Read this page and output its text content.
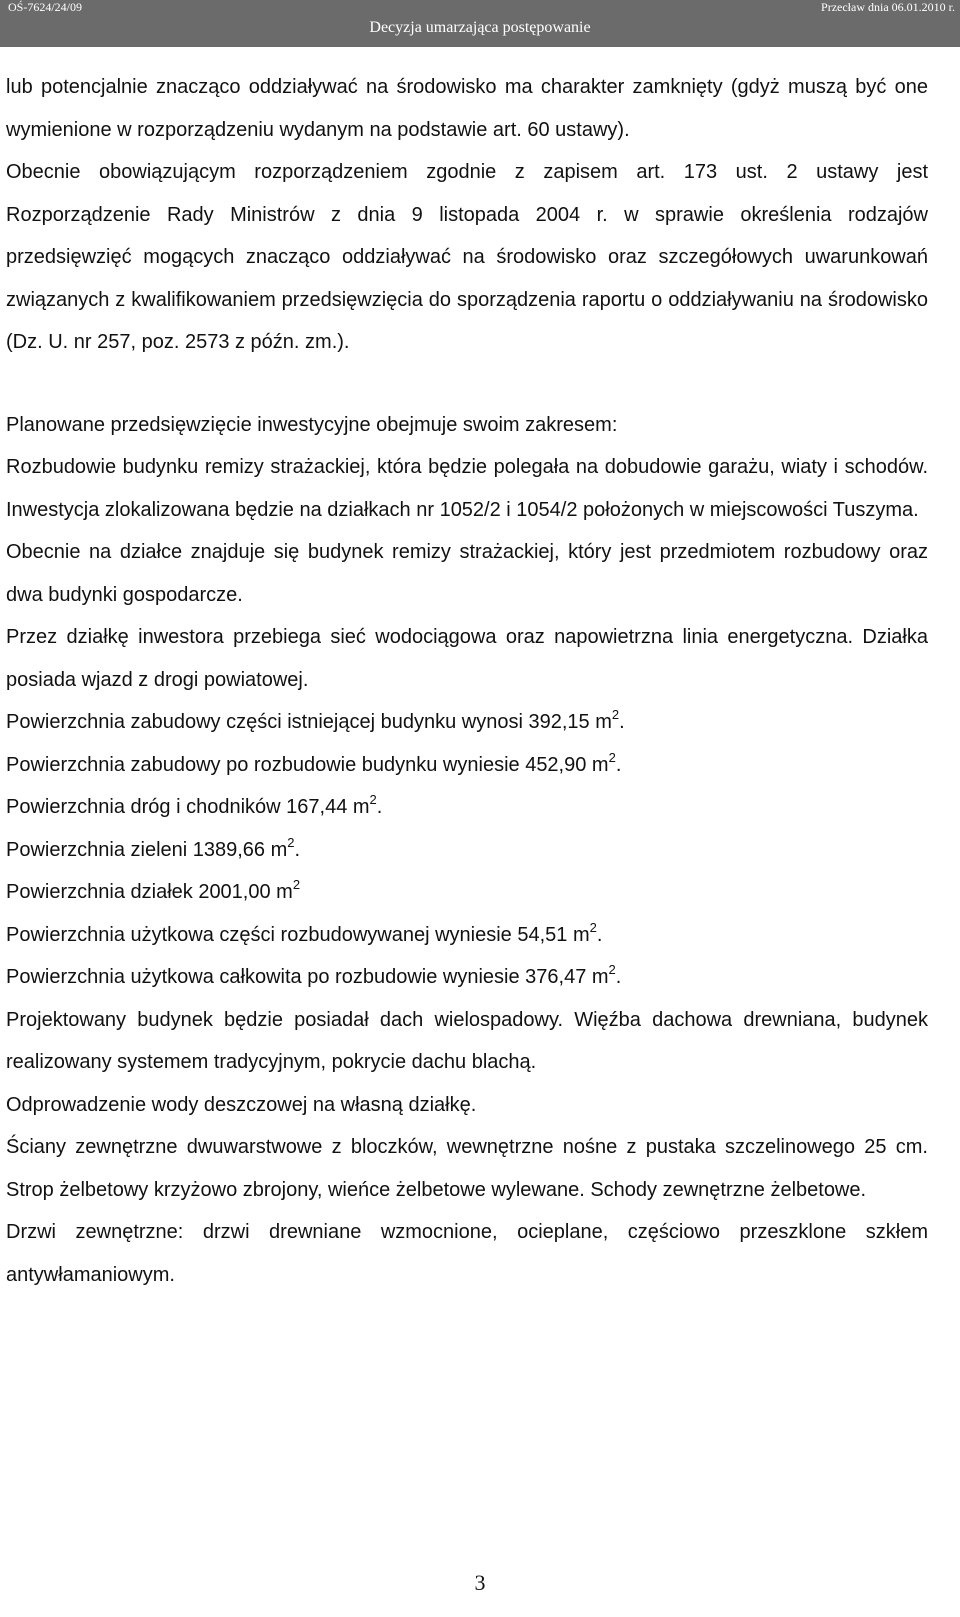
OŚ-7624/24/09	Przecław dnia 06.01.2010 r.
Decyzja umarzająca postępowanie

lub potencjalnie znacząco oddziaływać na środowisko ma charakter zamknięty (gdyż muszą być one wymienione w rozporządzeniu wydanym na podstawie art. 60 ustawy).

Obecnie obowiązującym rozporządzeniem zgodnie z zapisem art. 173 ust. 2 ustawy jest Rozporządzenie Rady Ministrów z dnia 9 listopada 2004 r. w sprawie określenia rodzajów przedsięwzięć mogących znacząco oddziaływać na środowisko oraz szczegółowych uwarunkowań związanych z kwalifikowaniem przedsięwzięcia do sporządzenia raportu o oddziaływaniu na środowisko (Dz. U. nr 257, poz. 2573 z późn. zm.).

Planowane przedsięwzięcie inwestycyjne obejmuje swoim zakresem:

Rozbudowie budynku remizy strażackiej, która będzie polegała na dobudowie garażu, wiaty i schodów. Inwestycja zlokalizowana będzie na działkach nr 1052/2 i 1054/2 położonych w miejscowości Tuszyma.

Obecnie na działce znajduje się budynek remizy strażackiej, który jest przedmiotem rozbudowy oraz dwa budynki gospodarcze.

Przez działkę inwestora przebiega sieć wodociągowa oraz napowietrzna linia energetyczna. Działka posiada wjazd z drogi powiatowej.

Powierzchnia zabudowy części istniejącej budynku wynosi 392,15 $m^2$.

Powierzchnia zabudowy po rozbudowie budynku wyniesie 452,90 $m^2$.

Powierzchnia dróg i chodników 167,44 $m^2$.

Powierzchnia zieleni 1389,66 $m^2$.

Powierzchnia działek 2001,00 $m^2$

Powierzchnia użytkowa części rozbudowywanej wyniesie 54,51 $m^2$.

Powierzchnia użytkowa całkowita po rozbudowie wyniesie 376,47 $m^2$.

Projektowany budynek będzie posiadał dach wielospadowy. Więźba dachowa drewniana, budynek realizowany systemem tradycyjnym, pokrycie dachu blachą.

Odprowadzenie wody deszczowej na własną działkę.

Ściany zewnętrzne dwuwarstwowe z bloczków, wewnętrzne nośne z pustaka szczelinowego 25 cm. Strop żelbetowy krzyżowo zbrojony, wieńce żelbetowe wylewane. Schody zewnętrzne żelbetowe.

Drzwi zewnętrzne: drzwi drewniane wzmocnione, ocieplane, częściowo przeszklone szkłem antywłamaniowym.

3
